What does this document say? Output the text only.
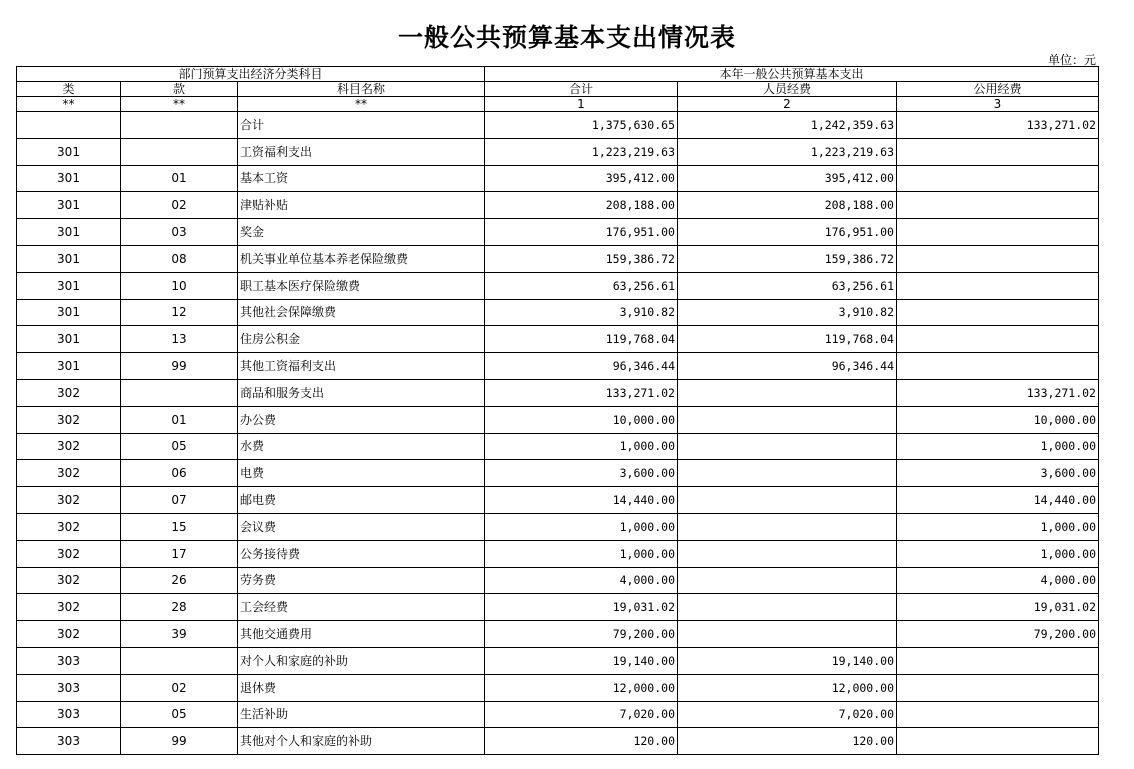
一般公共预算基本支出情况表
单位：元
部门预算支出经济分类科目			本年一般公共预算基本支出		
类	款	科目名称	合计	人员经费	公用经费
**	**	**	1	2	3
		合计	1,375,630.65	1,242,359.63	133,271.02
301		工资福利支出	1,223,219.63	1,223,219.63	
301	01	基本工资	395,412.00	395,412.00	
301	02	津贴补贴	208,188.00	208,188.00	
301	03	奖金	176,951.00	176,951.00	
301	08	机关事业单位基本养老保险缴费	159,386.72	159,386.72	
301	10	职工基本医疗保险缴费	63,256.61	63,256.61	
301	12	其他社会保障缴费	3,910.82	3,910.82	
301	13	住房公积金	119,768.04	119,768.04	
301	99	其他工资福利支出	96,346.44	96,346.44	
302		商品和服务支出	133,271.02		133,271.02
302	01	办公费	10,000.00		10,000.00
302	05	水费	1,000.00		1,000.00
302	06	电费	3,600.00		3,600.00
302	07	邮电费	14,440.00		14,440.00
302	15	会议费	1,000.00		1,000.00
302	17	公务接待费	1,000.00		1,000.00
302	26	劳务费	4,000.00		4,000.00
302	28	工会经费	19,031.02		19,031.02
302	39	其他交通费用	79,200.00		79,200.00
303		对个人和家庭的补助	19,140.00	19,140.00	
303	02	退休费	12,000.00	12,000.00	
303	05	生活补助	7,020.00	7,020.00	
303	99	其他对个人和家庭的补助	120.00	120.00	
